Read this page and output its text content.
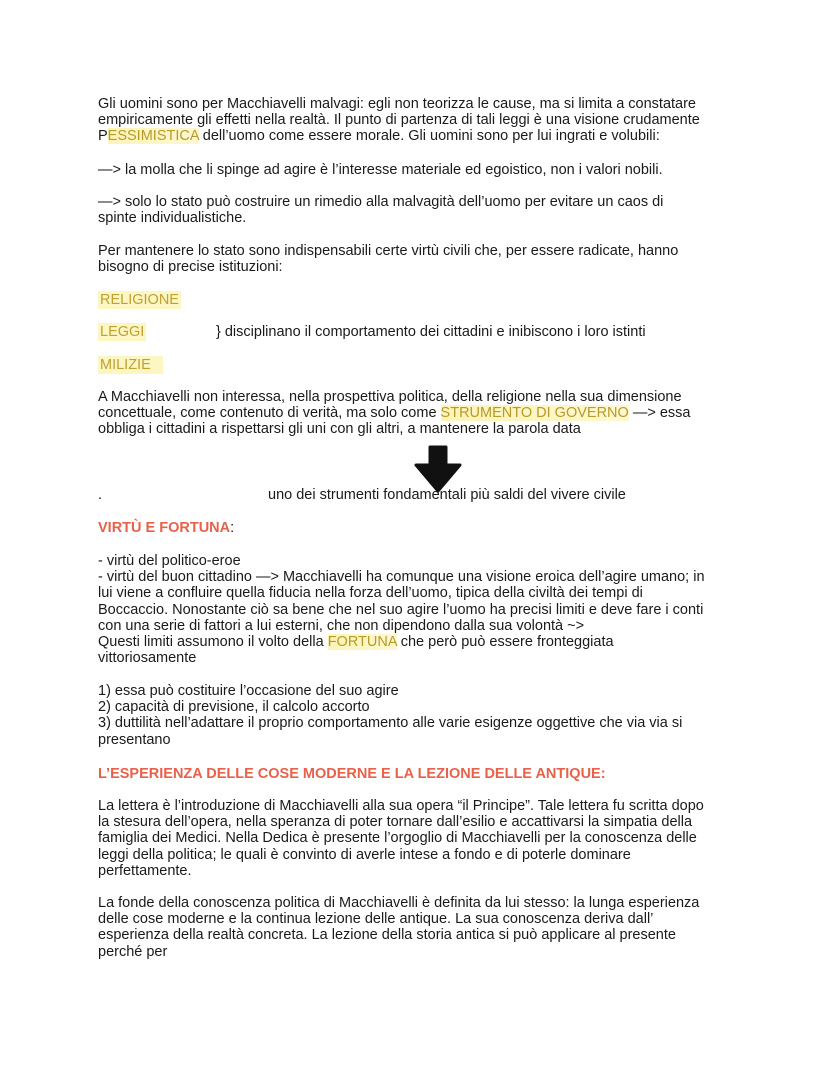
Gli uomini sono per Macchiavelli malvagi: egli non teorizza le cause, ma si limita a constatare

empiricamente gli effetti nella realtà. Il punto di partenza di tali leggi è una visione crudamente

PESSIMISTICA dell’uomo come essere morale. Gli uomini sono per lui ingrati e volubili:

—> la molla che li spinge ad agire è l’interesse materiale ed egoistico, non i valori nobili.

—> solo lo stato può costruire un rimedio alla malvagità dell’uomo per evitare un caos di

spinte individualistiche.

Per mantenere lo stato sono indispensabili certe virtù civili che, per essere radicate, hanno

bisogno di precise istituzioni:

RELIGIONE
LEGGI	} disciplinano il comportamento dei cittadini e inibiscono i loro istinti
MILIZIE

A Macchiavelli non interessa, nella prospettiva politica, della religione nella sua dimensione

concettuale, come contenuto di verità, ma solo come STRUMENTO DI GOVERNO —> essa

obbliga i cittadini a rispettarsi gli uni con gli altri, a mantenere la parola data

.	uno dei strumenti fondamentali più saldi del vivere civile
VIRTÙ E FORTUNA:

- virtù del politico-eroe

- virtù del buon cittadino —> Macchiavelli ha comunque una visione eroica dell’agire umano; in

lui viene a confluire quella fiducia nella forza dell’uomo, tipica della civiltà dei tempi di

Boccaccio. Nonostante ciò sa bene che nel suo agire l’uomo ha precisi limiti e deve fare i conti

con una serie di fattori a lui esterni, che non dipendono dalla sua volontà ~>

Questi limiti assumono il volto della FORTUNA che però può essere fronteggiata

vittoriosamente

1) essa può costituire l’occasione del suo agire

2) capacità di previsione, il calcolo accorto

3) duttilità nell’adattare il proprio comportamento alle varie esigenze oggettive che via via si

presentano

L’ESPERIENZA DELLE COSE MODERNE E LA LEZIONE DELLE ANTIQUE:

La lettera è l’introduzione di Macchiavelli alla sua opera “il Principe”. Tale lettera fu scritta dopo

la stesura dell’opera, nella speranza di poter tornare dall’esilio e accattivarsi la simpatia della

famiglia dei Medici. Nella Dedica è presente l’orgoglio di Macchiavelli per la conoscenza delle

leggi della politica; le quali è convinto di averle intese a fondo e di poterle dominare

perfettamente.

La fonde della conoscenza politica di Macchiavelli è definita da lui stesso: la lunga esperienza

delle cose moderne e la continua lezione delle antique. La sua conoscenza deriva dall’

esperienza della realtà concreta. La lezione della storia antica si può applicare al presente

perché per
